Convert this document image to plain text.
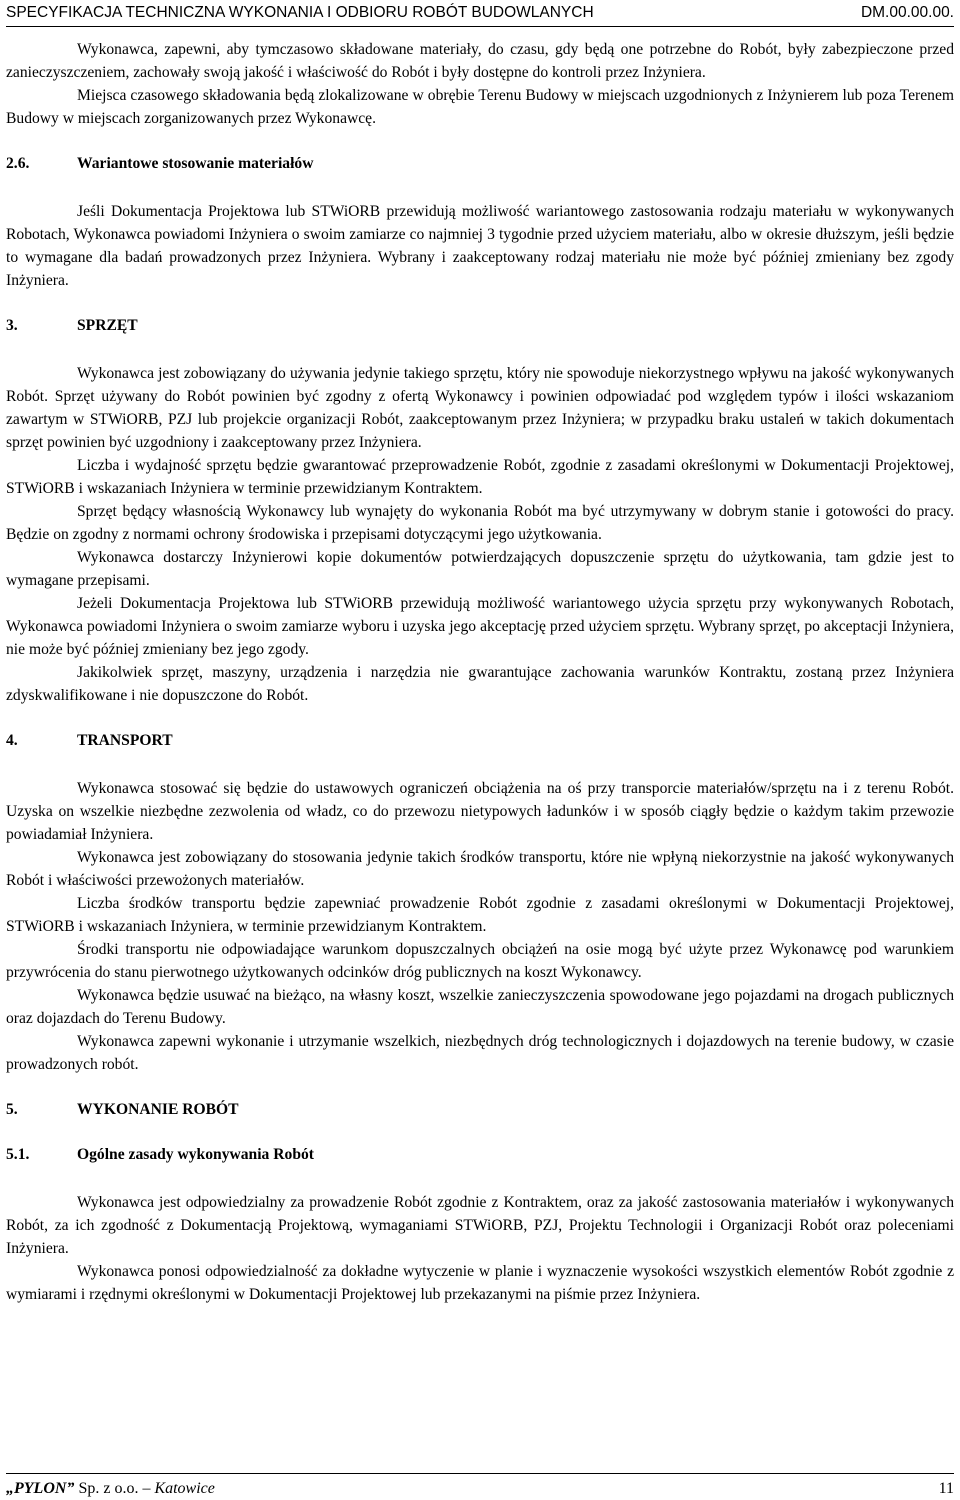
SPECYFIKACJA TECHNICZNA WYKONANIA I ODBIORU ROBÓT BUDOWLANYCH	DM.00.00.00.

Wykonawca, zapewni, aby tymczasowo składowane materiały, do czasu, gdy będą one potrzebne do Robót, były zabezpieczone przed zanieczyszczeniem, zachowały swoją jakość i właściwość do Robót i były dostępne do kontroli przez Inżyniera.

Miejsca czasowego składowania będą zlokalizowane w obrębie Terenu Budowy w miejscach uzgodnionych z Inżynierem lub poza Terenem Budowy w miejscach zorganizowanych przez Wykonawcę.

2.6.	Wariantowe stosowanie materiałów

Jeśli Dokumentacja Projektowa lub STWiORB przewidują możliwość wariantowego zastosowania rodzaju materiału w wykonywanych Robotach, Wykonawca powiadomi Inżyniera o swoim zamiarze co najmniej 3 tygodnie przed użyciem materiału, albo w okresie dłuższym, jeśli będzie to wymagane dla badań prowadzonych przez Inżyniera. Wybrany i zaakceptowany rodzaj materiału nie może być później zmieniany bez zgody Inżyniera.

3.	SPRZĘT

Wykonawca jest zobowiązany do używania jedynie takiego sprzętu, który nie spowoduje niekorzystnego wpływu na jakość wykonywanych Robót. Sprzęt używany do Robót powinien być zgodny z ofertą Wykonawcy i powinien odpowiadać pod względem typów i ilości wskazaniom zawartym w STWiORB, PZJ lub projekcie organizacji Robót, zaakceptowanym przez Inżyniera; w przypadku braku ustaleń w takich dokumentach sprzęt powinien być uzgodniony i zaakceptowany przez Inżyniera.

Liczba i wydajność sprzętu będzie gwarantować przeprowadzenie Robót, zgodnie z zasadami określonymi w Dokumentacji Projektowej, STWiORB i wskazaniach Inżyniera w terminie przewidzianym Kontraktem.

Sprzęt będący własnością Wykonawcy lub wynajęty do wykonania Robót ma być utrzymywany w dobrym stanie i gotowości do pracy. Będzie on zgodny z normami ochrony środowiska i przepisami dotyczącymi jego użytkowania.

Wykonawca dostarczy Inżynierowi kopie dokumentów potwierdzających dopuszczenie sprzętu do użytkowania, tam gdzie jest to wymagane przepisami.

Jeżeli Dokumentacja Projektowa lub STWiORB przewidują możliwość wariantowego użycia sprzętu przy wykonywanych Robotach, Wykonawca powiadomi Inżyniera o swoim zamiarze wyboru i uzyska jego akceptację przed użyciem sprzętu. Wybrany sprzęt, po akceptacji Inżyniera, nie może być później zmieniany bez jego zgody.

Jakikolwiek sprzęt, maszyny, urządzenia i narzędzia nie gwarantujące zachowania warunków Kontraktu, zostaną przez Inżyniera zdyskwalifikowane i nie dopuszczone do Robót.

4.	TRANSPORT

Wykonawca stosować się będzie do ustawowych ograniczeń obciążenia na oś przy transporcie materiałów/sprzętu na i z terenu Robót. Uzyska on wszelkie niezbędne zezwolenia od władz, co do przewozu nietypowych ładunków i w sposób ciągły będzie o każdym takim przewozie powiadamiał Inżyniera.

Wykonawca jest zobowiązany do stosowania jedynie takich środków transportu, które nie wpłyną niekorzystnie na jakość wykonywanych Robót i właściwości przewożonych materiałów.

Liczba środków transportu będzie zapewniać prowadzenie Robót zgodnie z zasadami określonymi w Dokumentacji Projektowej, STWiORB i wskazaniach Inżyniera, w terminie przewidzianym Kontraktem.

Środki transportu nie odpowiadające warunkom dopuszczalnych obciążeń na osie mogą być użyte przez Wykonawcę pod warunkiem przywrócenia do stanu pierwotnego użytkowanych odcinków dróg publicznych na koszt Wykonawcy.

Wykonawca będzie usuwać na bieżąco, na własny koszt, wszelkie zanieczyszczenia spowodowane jego pojazdami na drogach publicznych oraz dojazdach do Terenu Budowy.

Wykonawca zapewni wykonanie i utrzymanie wszelkich, niezbędnych dróg technologicznych i dojazdowych na terenie budowy, w czasie prowadzonych robót.

5.	WYKONANIE ROBÓT
5.1.	Ogólne zasady wykonywania Robót

Wykonawca jest odpowiedzialny za prowadzenie Robót zgodnie z Kontraktem, oraz za jakość zastosowania materiałów i wykonywanych Robót, za ich zgodność z Dokumentacją Projektową, wymaganiami STWiORB, PZJ, Projektu Technologii i Organizacji Robót oraz poleceniami Inżyniera.

Wykonawca ponosi odpowiedzialność za dokładne wytyczenie w planie i wyznaczenie wysokości wszystkich elementów Robót zgodnie z wymiarami i rzędnymi określonymi w Dokumentacji Projektowej lub przekazanymi na piśmie przez Inżyniera.

„PYLON” Sp. z o.o. – Katowice	11
